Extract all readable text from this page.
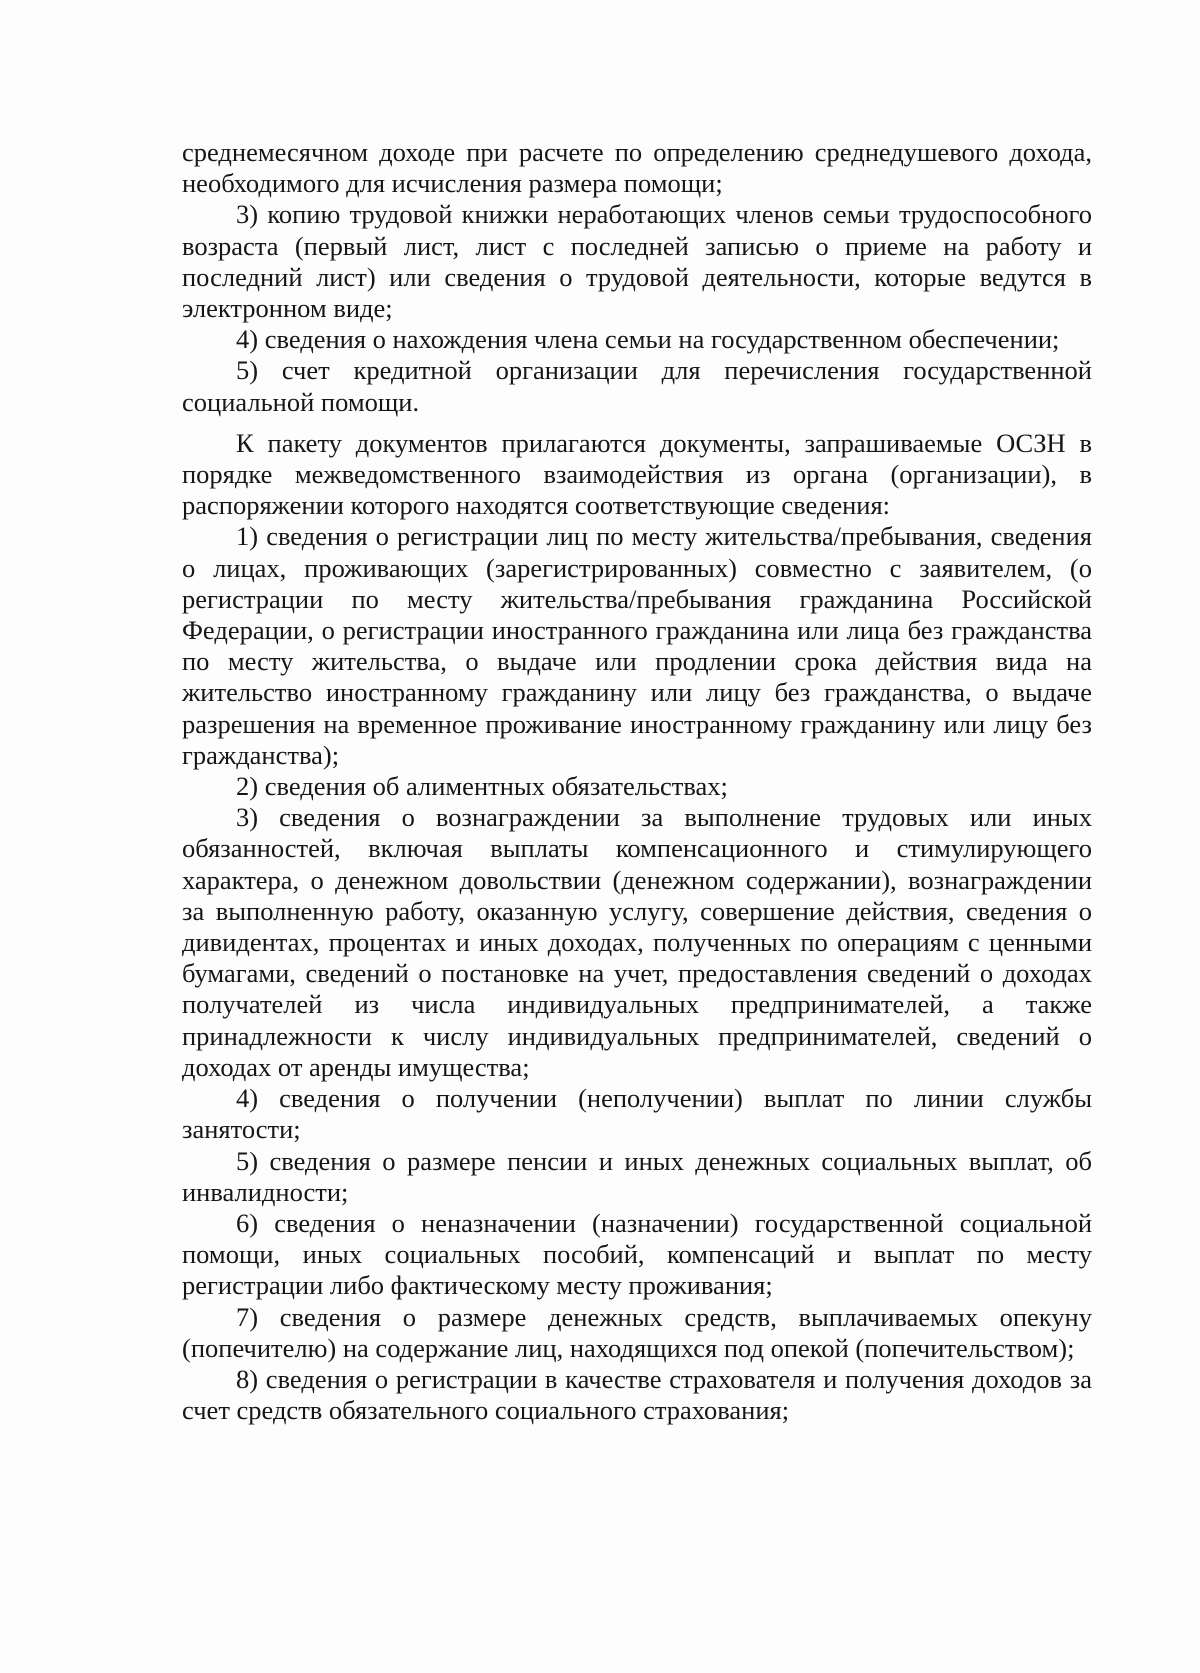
среднемесячном доходе при расчете по определению среднедушевого дохода, необходимого для исчисления размера помощи;

3) копию трудовой книжки неработающих членов семьи трудоспособного возраста (первый лист, лист с последней записью о приеме на работу и последний лист) или сведения о трудовой деятельности, которые ведутся в электронном виде;

4) сведения о нахождения члена семьи на государственном обеспечении;

5) счет кредитной организации для перечисления государственной социальной помощи.

К пакету документов прилагаются документы, запрашиваемые ОСЗН в порядке межведомственного взаимодействия из органа (организации), в распоряжении которого находятся соответствующие сведения:

1) сведения о регистрации лиц по месту жительства/пребывания, сведения о лицах, проживающих (зарегистрированных) совместно с заявителем, (о регистрации по месту жительства/пребывания гражданина Российской Федерации, о регистрации иностранного гражданина или лица без гражданства по месту жительства, о выдаче или продлении срока действия вида на жительство иностранному гражданину или лицу без гражданства, о выдаче разрешения на временное проживание иностранному гражданину или лицу без гражданства);

2) сведения об алиментных обязательствах;

3) сведения о вознаграждении за выполнение трудовых или иных обязанностей, включая выплаты компенсационного и стимулирующего характера, о денежном довольствии (денежном содержании), вознаграждении за выполненную работу, оказанную услугу, совершение действия, сведения о дивидентах, процентах и иных доходах, полученных по операциям с ценными бумагами, сведений о постановке на учет, предоставления сведений о доходах получателей из числа индивидуальных предпринимателей, а также принадлежности к числу индивидуальных предпринимателей, сведений о доходах от аренды имущества;

4) сведения о получении (неполучении) выплат по линии службы занятости;

5) сведения о размере пенсии и иных денежных социальных выплат, об инвалидности;

6) сведения о неназначении (назначении) государственной социальной помощи, иных социальных пособий, компенсаций и выплат по месту регистрации либо фактическому месту проживания;

7) сведения о размере денежных средств, выплачиваемых опекуну (попечителю) на содержание лиц, находящихся под опекой (попечительством);

8) сведения о регистрации в качестве страхователя и получения доходов за счет средств обязательного социального страхования;
